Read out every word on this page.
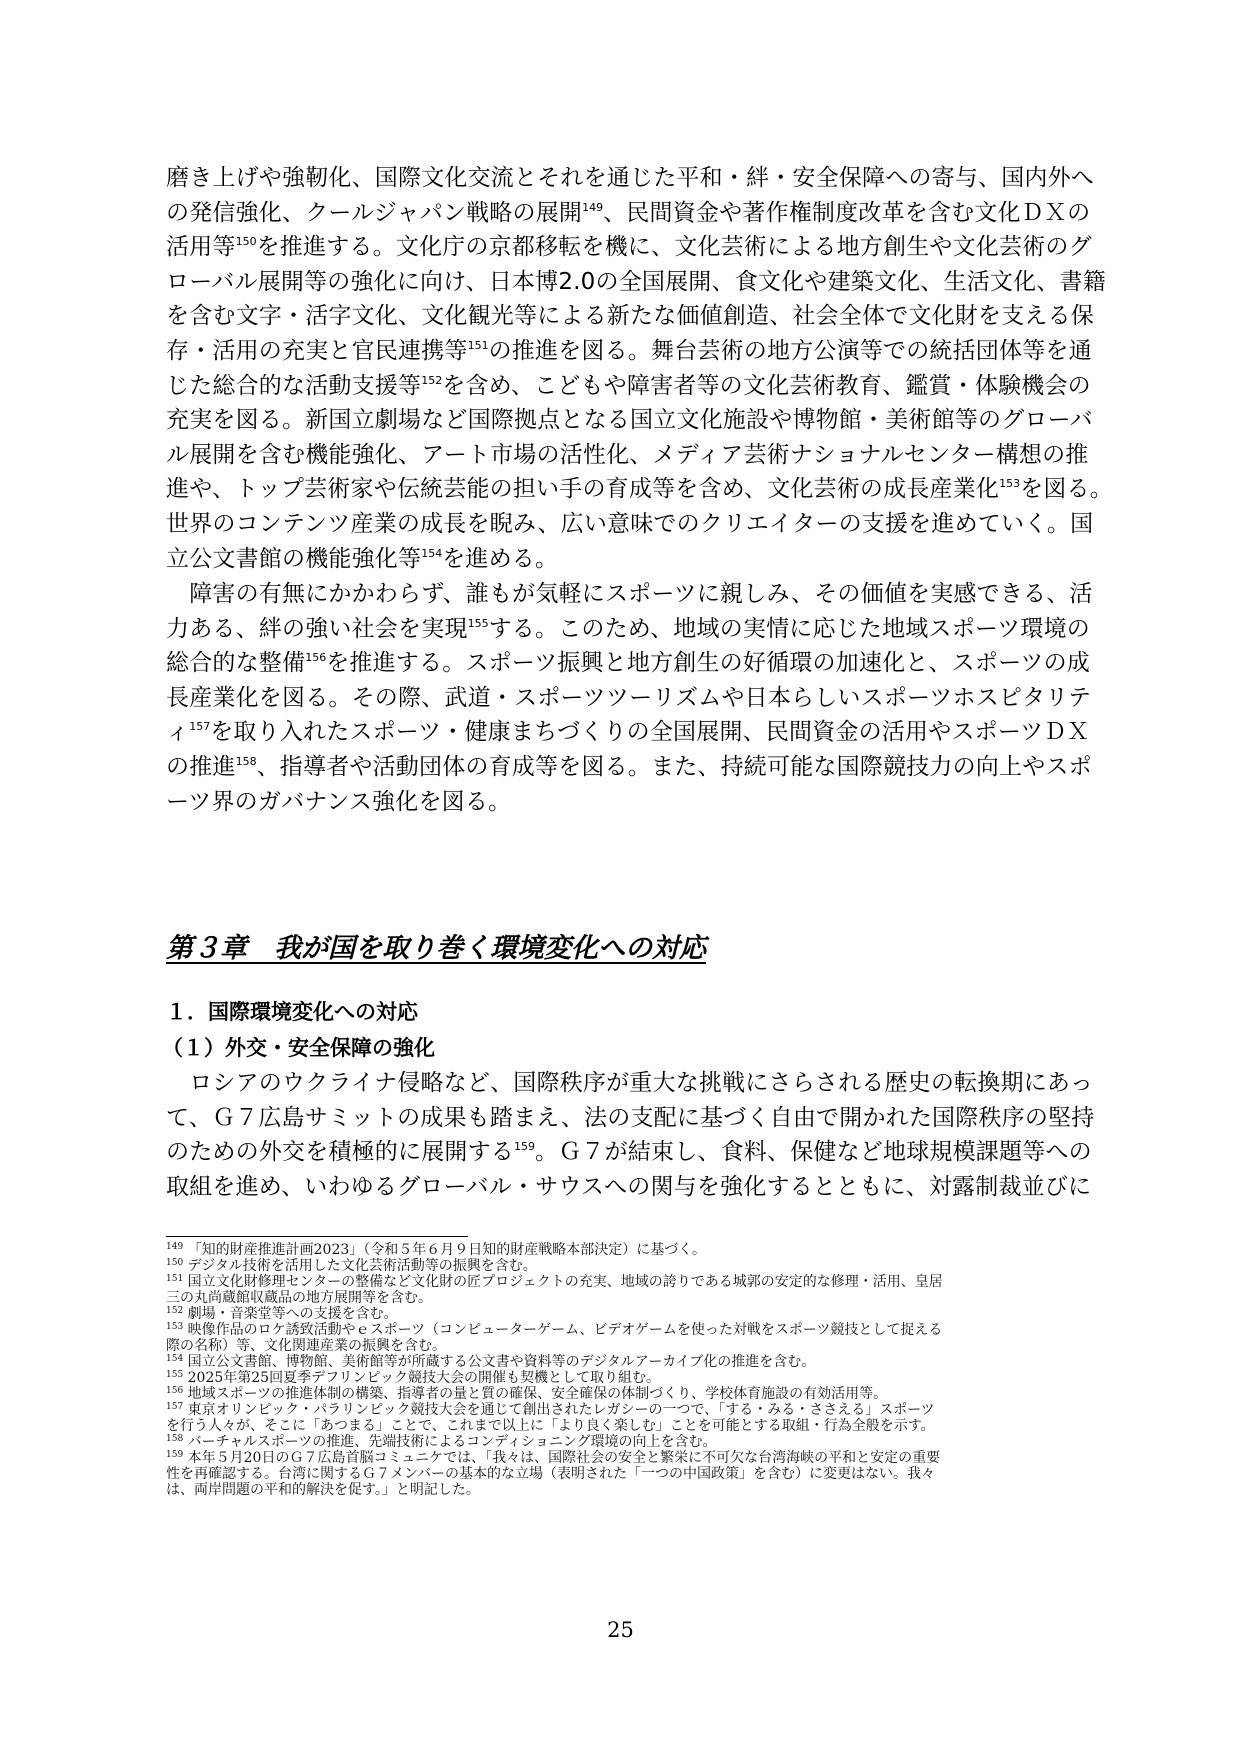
磨き上げや強靭化、国際文化交流とそれを通じた平和・絆・安全保障への寄与、国内外へ
の発信強化、クールジャパン戦略の展開$^{149}$、民間資金や著作権制度改革を含む文化ＤＸの
活用等$^{150}$を推進する。文化庁の京都移転を機に、文化芸術による地方創生や文化芸術のグ
ローバル展開等の強化に向け、日本博2.0の全国展開、食文化や建築文化、生活文化、書籍
を含む文字・活字文化、文化観光等による新たな価値創造、社会全体で文化財を支える保
存・活用の充実と官民連携等$^{151}$の推進を図る。舞台芸術の地方公演等での統括団体等を通
じた総合的な活動支援等$^{152}$を含め、こどもや障害者等の文化芸術教育、鑑賞・体験機会の
充実を図る。新国立劇場など国際拠点となる国立文化施設や博物館・美術館等のグローバ
ル展開を含む機能強化、アート市場の活性化、メディア芸術ナショナルセンター構想の推
進や、トップ芸術家や伝統芸能の担い手の育成等を含め、文化芸術の成長産業化$^{153}$を図る。
世界のコンテンツ産業の成長を睨み、広い意味でのクリエイターの支援を進めていく。国
立公文書館の機能強化等$^{154}$を進める。
　障害の有無にかかわらず、誰もが気軽にスポーツに親しみ、その価値を実感できる、活
力ある、絆の強い社会を実現$^{155}$する。このため、地域の実情に応じた地域スポーツ環境の
総合的な整備$^{156}$を推進する。スポーツ振興と地方創生の好循環の加速化と、スポーツの成
長産業化を図る。その際、武道・スポーツツーリズムや日本らしいスポーツホスピタリテ
ィ$^{157}$を取り入れたスポーツ・健康まちづくりの全国展開、民間資金の活用やスポーツＤＸ
の推進$^{158}$、指導者や活動団体の育成等を図る。また、持続可能な国際競技力の向上やスポ
ーツ界のガバナンス強化を図る。
第３章　我が国を取り巻く環境変化への対応
１．国際環境変化への対応
（１）外交・安全保障の強化
　ロシアのウクライナ侵略など、国際秩序が重大な挑戦にさらされる歴史の転換期にあっ
て、Ｇ７広島サミットの成果も踏まえ、法の支配に基づく自由で開かれた国際秩序の堅持
のための外交を積極的に展開する$^{159}$。Ｇ７が結束し、食料、保健など地球規模課題等への
取組を進め、いわゆるグローバル・サウスへの関与を強化するとともに、対露制裁並びに
$^{149}$ 「知的財産推進計画2023」（令和５年６月９日知的財産戦略本部決定）に基づく。
$^{150}$ デジタル技術を活用した文化芸術活動等の振興を含む。
$^{151}$ 国立文化財修理センターの整備など文化財の匠プロジェクトの充実、地域の誇りである城郭の安定的な修理・活用、皇居
三の丸尚蔵館収蔵品の地方展開等を含む。
$^{152}$ 劇場・音楽堂等への支援を含む。
$^{153}$ 映像作品のロケ誘致活動やｅスポーツ（コンピューターゲーム、ビデオゲームを使った対戦をスポーツ競技として捉える
際の名称）等、文化関連産業の振興を含む。
$^{154}$ 国立公文書館、博物館、美術館等が所蔵する公文書や資料等のデジタルアーカイブ化の推進を含む。
$^{155}$ 2025年第25回夏季デフリンピック競技大会の開催も契機として取り組む。
$^{156}$ 地域スポーツの推進体制の構築、指導者の量と質の確保、安全確保の体制づくり、学校体育施設の有効活用等。
$^{157}$ 東京オリンピック・パラリンピック競技大会を通じて創出されたレガシーの一つで、「する・みる・ささえる」スポーツ
を行う人々が、そこに「あつまる」ことで、これまで以上に「より良く楽しむ」ことを可能とする取組・行為全般を示す。
$^{158}$ バーチャルスポーツの推進、先端技術によるコンディショニング環境の向上を含む。
$^{159}$ 本年５月20日のＧ７広島首脳コミュニケでは、「我々は、国際社会の安全と繁栄に不可欠な台湾海峡の平和と安定の重要
性を再確認する。台湾に関するＧ７メンバーの基本的な立場（表明された「一つの中国政策」を含む）に変更はない。我々
は、両岸問題の平和的解決を促す。」と明記した。
25
